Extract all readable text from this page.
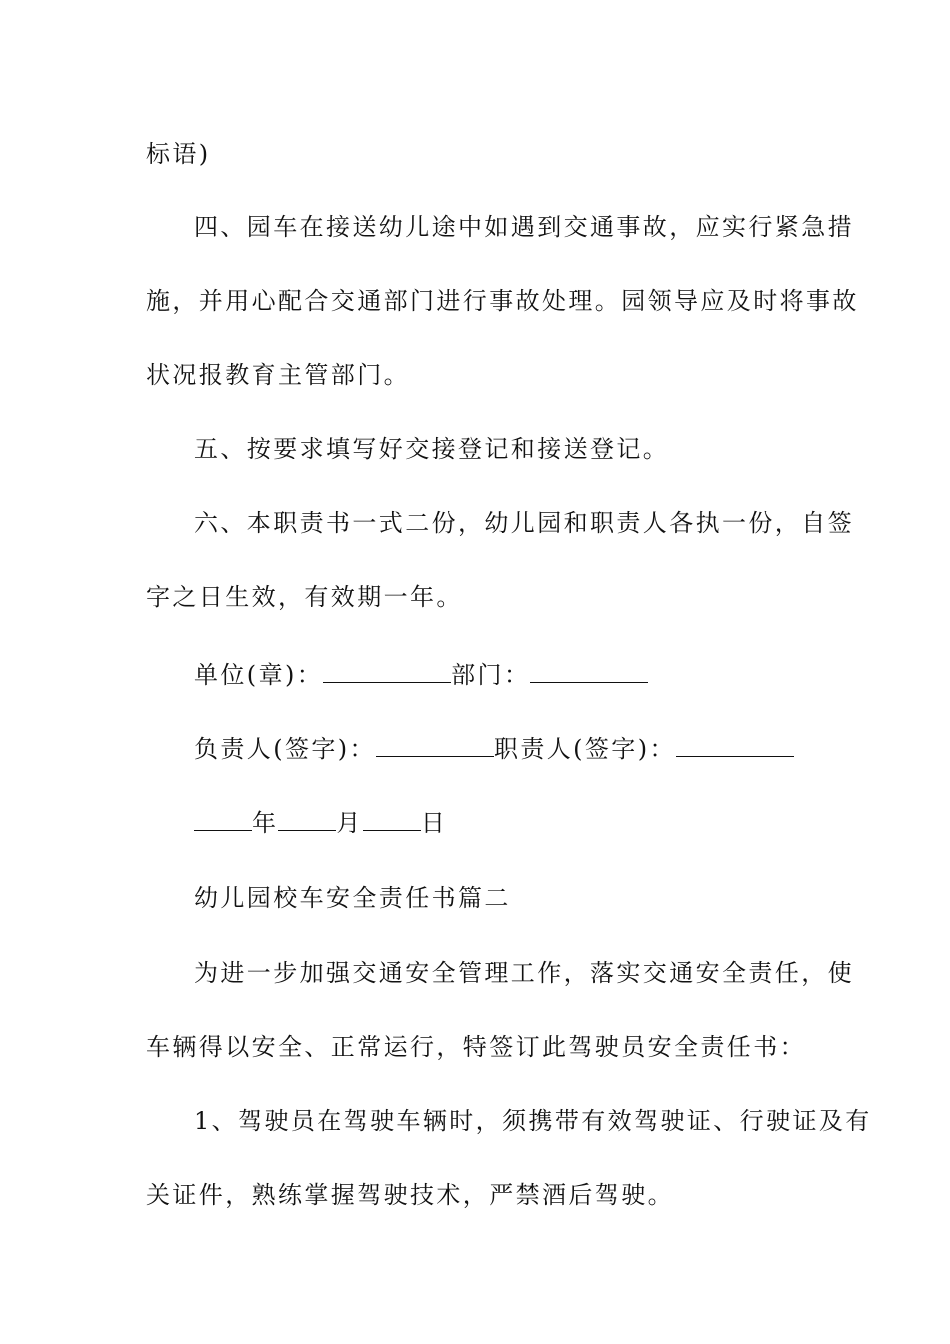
标语)
四、园车在接送幼儿途中如遇到交通事故，应实行紧急措
施，并用心配合交通部门进行事故处理。园领导应及时将事故
状况报教育主管部门。
五、按要求填写好交接登记和接送登记。
六、本职责书一式二份，幼儿园和职责人各执一份，自签
字之日生效，有效期一年。
单位(章)：	部门：
负责人(签字)：	职责人(签字)：
年 月 日
幼儿园校车安全责任书篇二
为进一步加强交通安全管理工作，落实交通安全责任，使
车辆得以安全、正常运行，特签订此驾驶员安全责任书：
1、驾驶员在驾驶车辆时，须携带有效驾驶证、行驶证及有
关证件，熟练掌握驾驶技术，严禁酒后驾驶。
